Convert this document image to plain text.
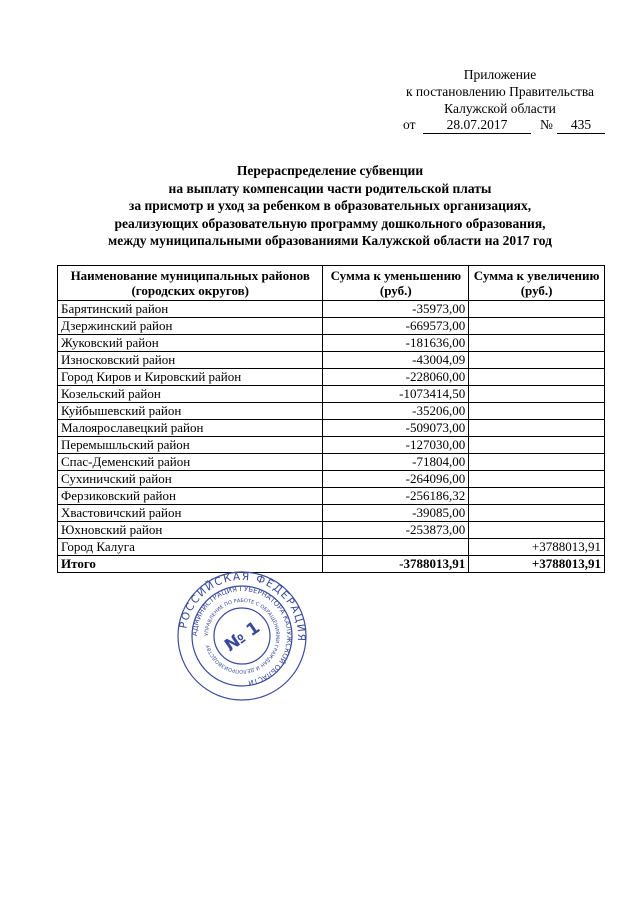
Приложение
к постановлению Правительства
Калужской области
от	28.07.2017	№	435
Перераспределение субвенции
на выплату компенсации части родительской платы
за присмотр и уход за ребенком в образовательных организациях,
реализующих образовательную программу дошкольного образования,
между муниципальными образованиями Калужской области на 2017 год
Наименование муниципальных районов (городских округов)	Сумма к уменьшению (руб.)	Сумма к увеличению (руб.)
Барятинский район	-35973,00	
Дзержинский район	-669573,00	
Жуковский район	-181636,00	
Износковский район	-43004,09	
Город Киров и Кировский район	-228060,00	
Козельский район	-1073414,50	
Куйбышевский район	-35206,00	
Малоярославецкий район	-509073,00	
Перемышльский район	-127030,00	
Спас-Деменский район	-71804,00	
Сухиничский район	-264096,00	
Ферзиковский район	-256186,32	
Хвастовичский район	-39085,00	
Юхновский район	-253873,00	
Город Калуга		+3788013,91
Итого	-3788013,91	+3788013,91
РОССИЙСКАЯ ФЕДЕРАЦИЯ
АДМИНИСТРАЦИЯ ГУБЕРНАТОРА КАЛУЖСКОЙ ОБЛАСТИ
УПРАВЛЕНИЕ ПО РАБОТЕ С ОБРАЩЕНИЯМИ ГРАЖДАН И ДЕЛОПРОИЗВОДСТВУ № 1
